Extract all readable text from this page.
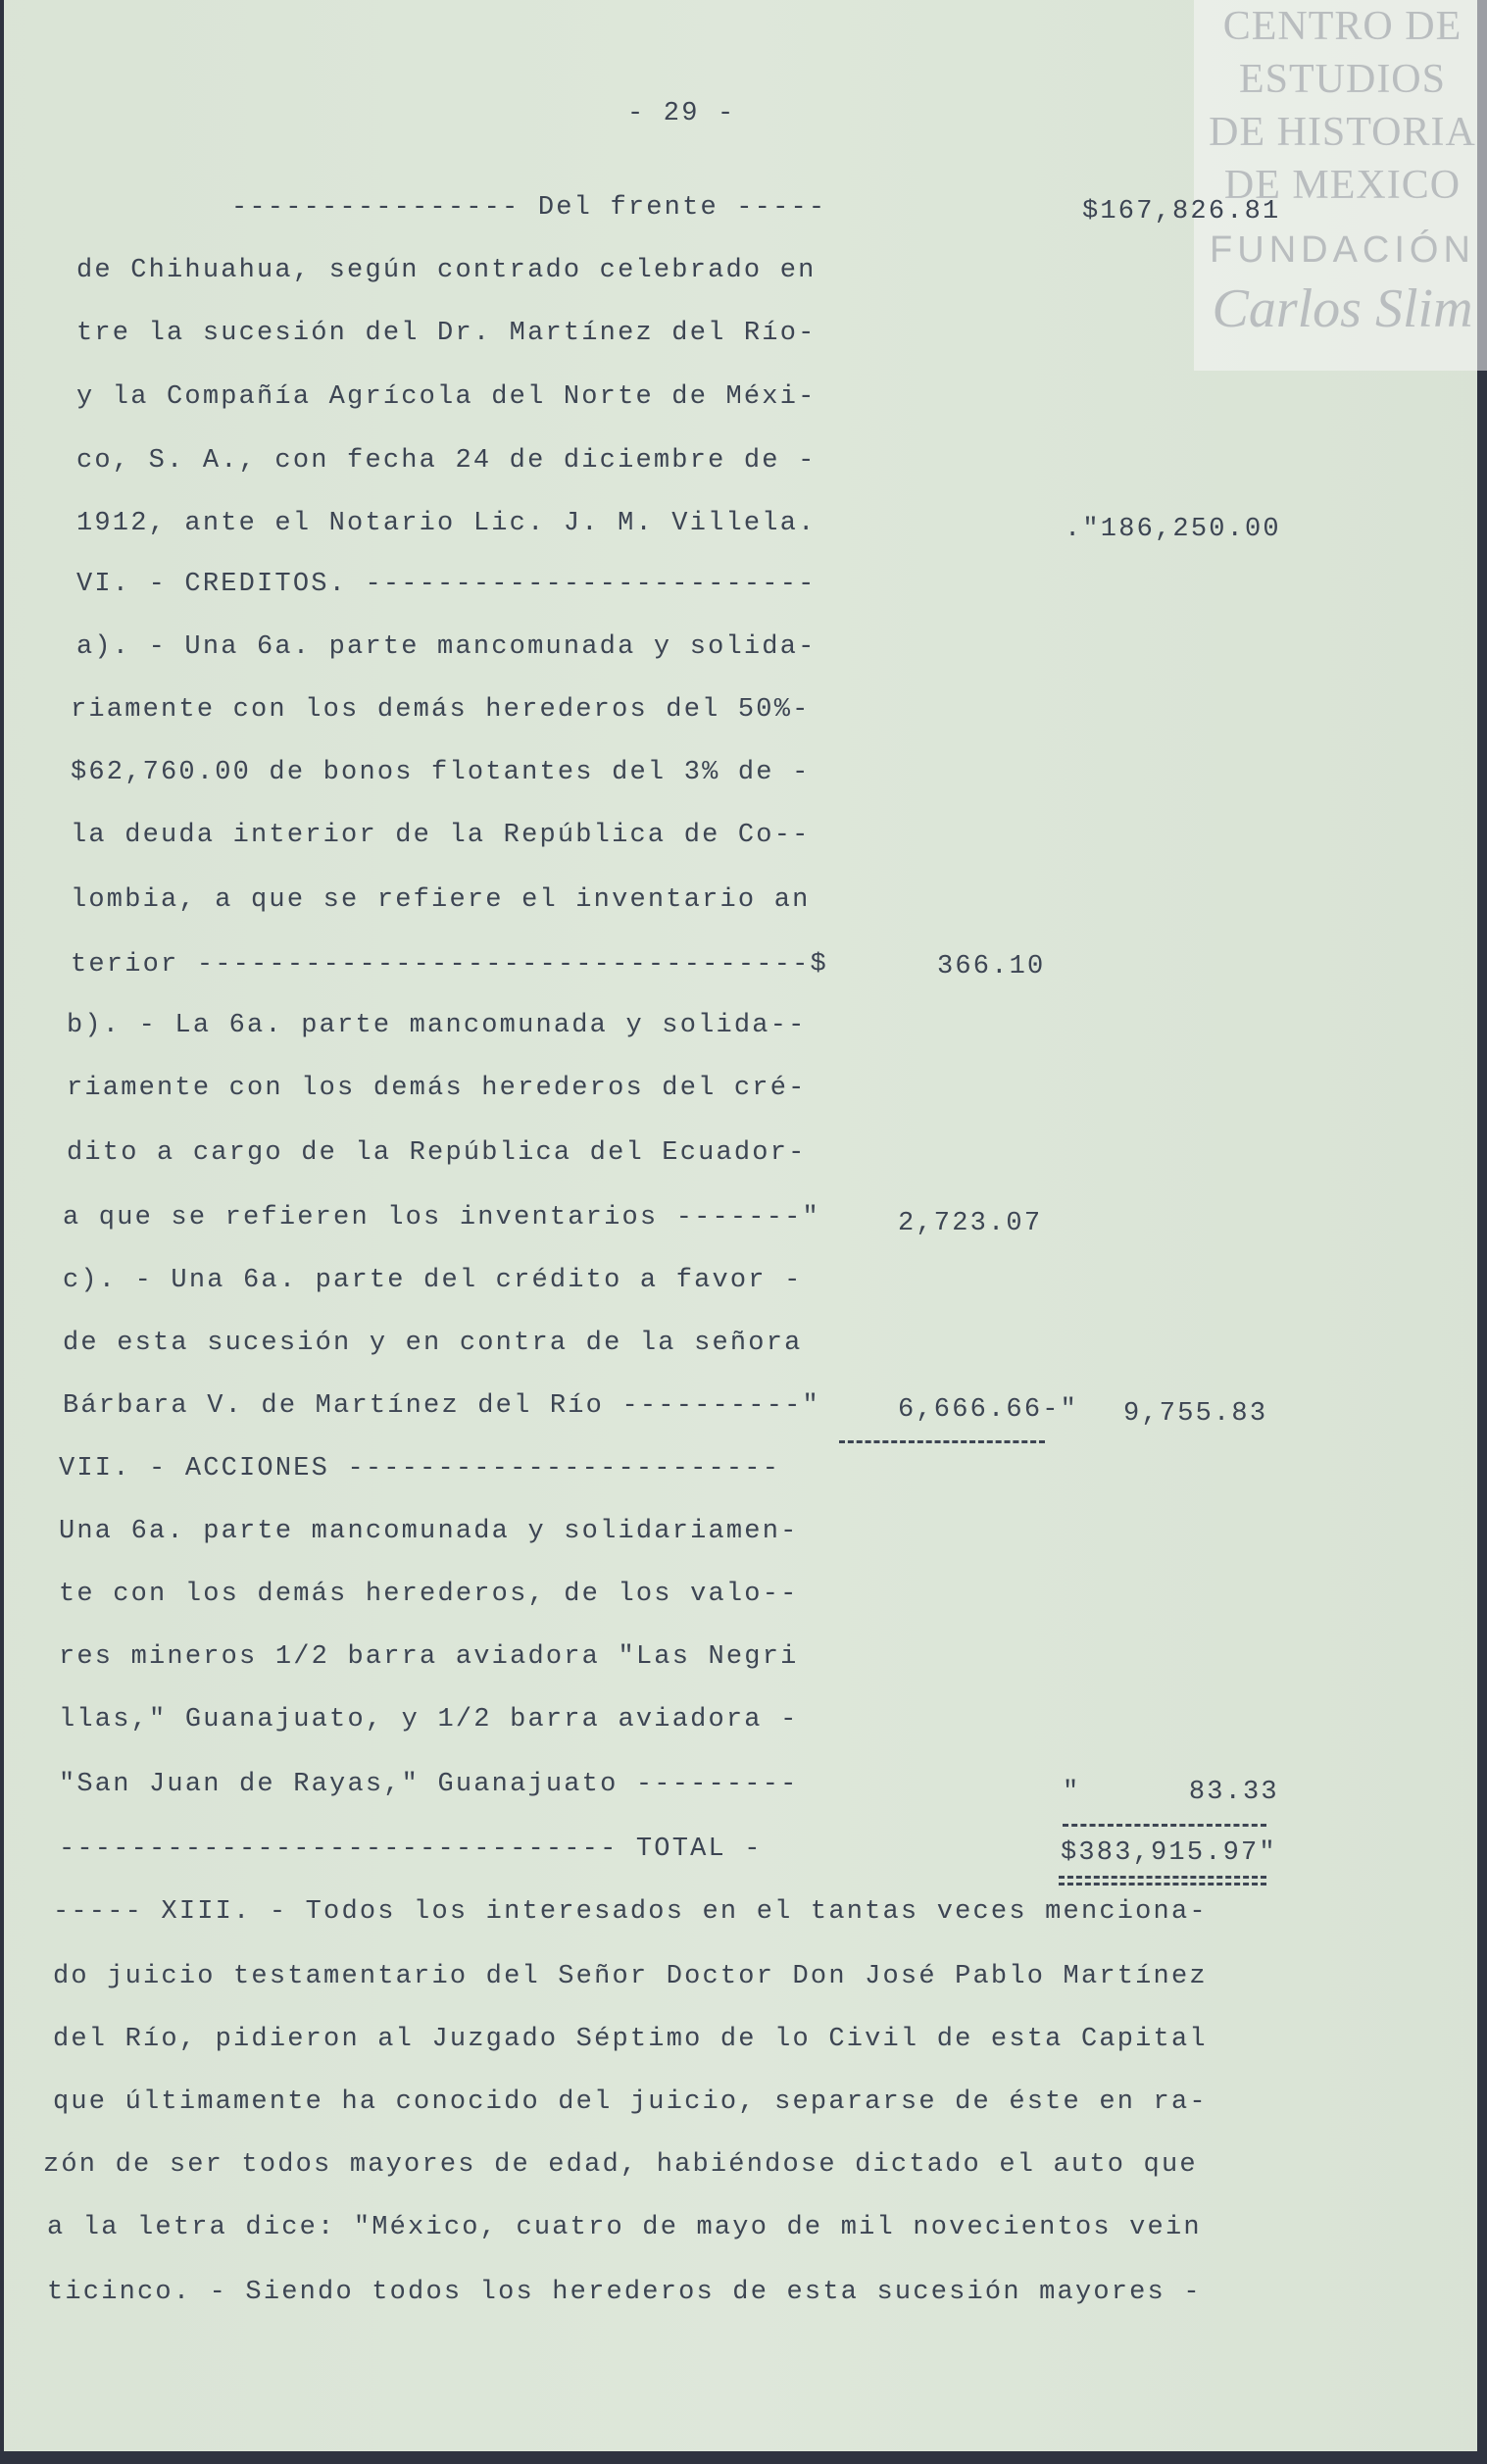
CENTRO DE
ESTUDIOS
DE HISTORIA
DE MEXICO
FUNDACIÓN
Carlos Slim
- 29 -
---------------- Del frente -----
de Chihuahua, según contrado celebrado en
tre la sucesión del Dr. Martínez del Río-
y la Compañía Agrícola del Norte de Méxi-
co, S. A., con fecha 24 de diciembre de -
1912, ante el Notario Lic. J. M. Villela.
VI. - CREDITOS. -------------------------
a). - Una 6a. parte mancomunada y solida-
riamente con los demás herederos del 50%-
$62,760.00 de bonos flotantes del 3% de -
la deuda interior de la República de Co--
lombia, a que se refiere el inventario an
terior ----------------------------------$
b). - La 6a. parte mancomunada y solida--
riamente con los demás herederos del cré-
dito a cargo de la República del Ecuador-
a que se refieren los inventarios -------"
c). - Una 6a. parte del crédito a favor -
de esta sucesión y en contra de la señora
Bárbara V. de Martínez del Río ----------"
VII. - ACCIONES ------------------------
Una 6a. parte mancomunada y solidariamen-
te con los demás herederos, de los valo--
res mineros 1/2 barra aviadora "Las Negri
llas," Guanajuato, y 1/2 barra aviadora -
"San Juan de Rayas," Guanajuato ---------
------------------------------- TOTAL -
----- XIII. - Todos los interesados en el tantas veces menciona-
do juicio testamentario del Señor Doctor Don José Pablo Martínez
del Río, pidieron al Juzgado Séptimo de lo Civil de esta Capital
que últimamente ha conocido del juicio, separarse de éste en ra-
zón de ser todos mayores de edad, habiéndose dictado el auto que
a la letra dice: "México, cuatro de mayo de mil novecientos vein
ticinco. - Siendo todos los herederos de esta sucesión mayores -
$167,826.81
."186,250.00
366.10
2,723.07
6,666.66-" 9,755.83
"      83.33
$383,915.97"
